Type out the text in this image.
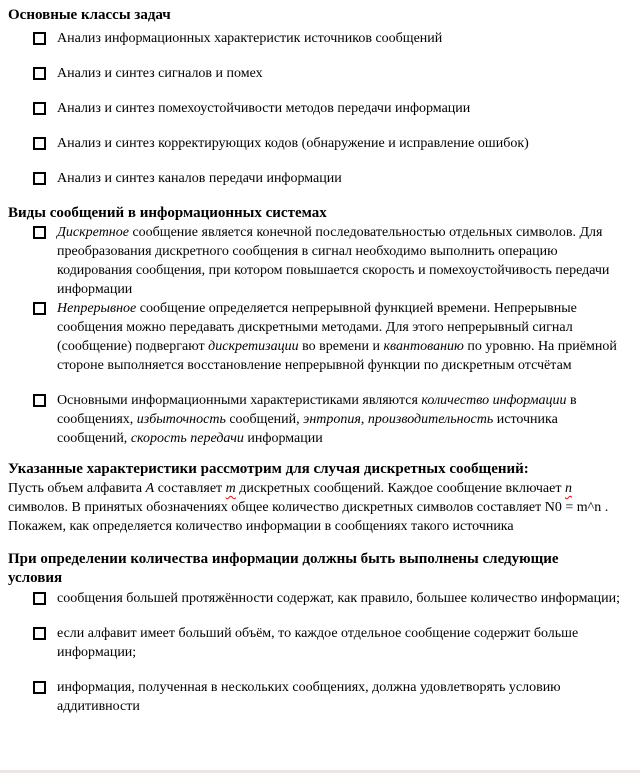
Основные классы задач
Анализ информационных характеристик источников сообщений
Анализ и синтез сигналов и помех
Анализ и синтез помехоустойчивости методов передачи информации
Анализ и синтез корректирующих кодов (обнаружение и исправление ошибок)
Анализ и синтез каналов передачи информации
Виды сообщений в информационных системах
Дискретное сообщение является конечной последовательностью отдельных символов. Для преобразования дискретного сообщения в сигнал необходимо выполнить операцию кодирования сообщения, при котором повышается скорость и помехоустойчивость передачи информации
Непрерывное сообщение определяется непрерывной функцией времени. Непрерывные сообщения можно передавать дискретными методами. Для этого непрерывный сигнал (сообщение) подвергают дискретизации во времени и квантованию по уровню. На приёмной стороне выполняется восстановление непрерывной функции по дискретным отсчётам
Основными информационными характеристиками являются количество информации в сообщениях, избыточность сообщений, энтропия, производительность источника сообщений, скорость передачи информации
Указанные характеристики рассмотрим для случая дискретных сообщений:
Пусть объем алфавита A составляет m дискретных сообщений. Каждое сообщение включает n символов. В принятых обозначениях общее количество дискретных символов составляет N0 = m^n . Покажем, как определяется количество информации в сообщениях такого источника
При определении количества информации должны быть выполнены следующие условия
сообщения большей протяжённости содержат, как правило, большее количество информации;
если алфавит имеет больший объём, то каждое отдельное сообщение содержит больше информации;
информация, полученная в нескольких сообщениях, должна удовлетворять условию аддитивности
